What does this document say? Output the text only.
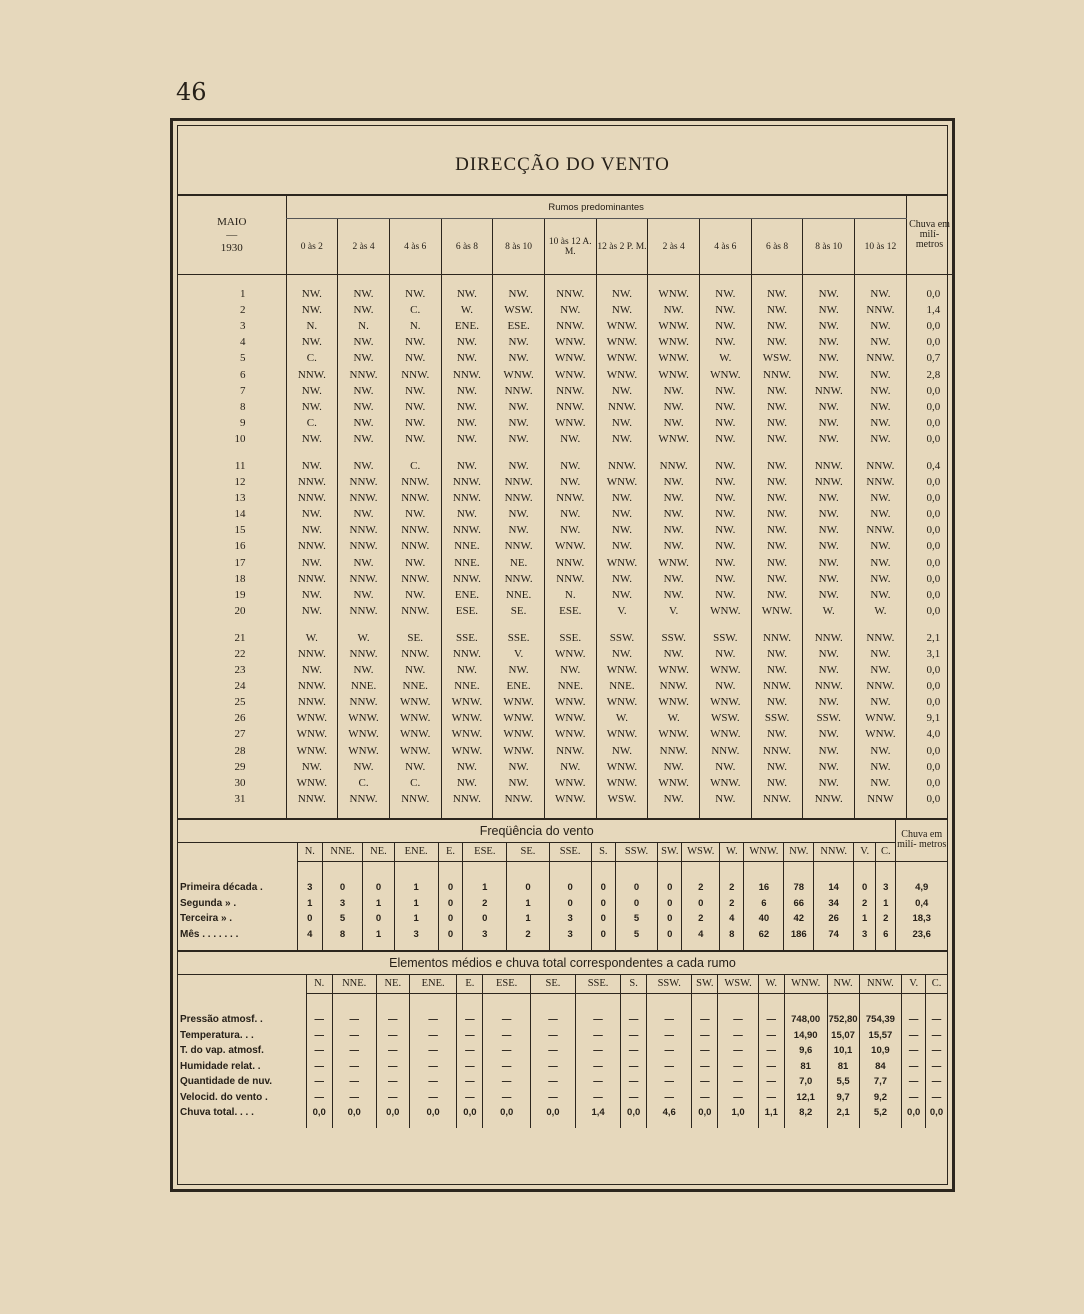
46
DIRECÇÃO DO VENTO
MAIO
—
1930	Rumos predominantes												Chuva em milí- metros
	0 às 2	2 às 4	4 às 6	6 às 8	8 às 10	10 às 12 A. M.	12 às 2 P. M.	2 às 4	4 às 6	6 às 8	8 às 10	10 às 12	

1	NW.	NW.	NW.	NW.	NW.	NNW.	NW.	WNW.	NW.	NW.	NW.	NW.	0,0
2	NW.	NW.	C.	W.	WSW.	NW.	NW.	NW.	NW.	NW.	NW.	NNW.	1,4
3	N.	N.	N.	ENE.	ESE.	NNW.	WNW.	WNW.	NW.	NW.	NW.	NW.	0,0
4	NW.	NW.	NW.	NW.	NW.	WNW.	WNW.	WNW.	NW.	NW.	NW.	NW.	0,0
5	C.	NW.	NW.	NW.	NW.	WNW.	WNW.	WNW.	W.	WSW.	NW.	NNW.	0,7
6	NNW.	NNW.	NNW.	NNW.	WNW.	WNW.	WNW.	WNW.	WNW.	NNW.	NW.	NW.	2,8
7	NW.	NW.	NW.	NW.	NNW.	NNW.	NW.	NW.	NW.	NW.	NNW.	NW.	0,0
8	NW.	NW.	NW.	NW.	NW.	NNW.	NNW.	NW.	NW.	NW.	NW.	NW.	0,0
9	C.	NW.	NW.	NW.	NW.	WNW.	NW.	NW.	NW.	NW.	NW.	NW.	0,0
10	NW.	NW.	NW.	NW.	NW.	NW.	NW.	WNW.	NW.	NW.	NW.	NW.	0,0

11	NW.	NW.	C.	NW.	NW.	NW.	NNW.	NNW.	NW.	NW.	NNW.	NNW.	0,4
12	NNW.	NNW.	NNW.	NNW.	NNW.	NW.	WNW.	NW.	NW.	NW.	NNW.	NNW.	0,0
13	NNW.	NNW.	NNW.	NNW.	NNW.	NNW.	NW.	NW.	NW.	NW.	NW.	NW.	0,0
14	NW.	NW.	NW.	NW.	NW.	NW.	NW.	NW.	NW.	NW.	NW.	NW.	0,0
15	NW.	NNW.	NNW.	NNW.	NW.	NW.	NW.	NW.	NW.	NW.	NW.	NNW.	0,0
16	NNW.	NNW.	NNW.	NNE.	NNW.	WNW.	NW.	NW.	NW.	NW.	NW.	NW.	0,0
17	NW.	NW.	NW.	NNE.	NE.	NNW.	WNW.	WNW.	NW.	NW.	NW.	NW.	0,0
18	NNW.	NNW.	NNW.	NNW.	NNW.	NNW.	NW.	NW.	NW.	NW.	NW.	NW.	0,0
19	NW.	NW.	NW.	ENE.	NNE.	N.	NW.	NW.	NW.	NW.	NW.	NW.	0,0
20	NW.	NNW.	NNW.	ESE.	SE.	ESE.	V.	V.	WNW.	WNW.	W.	W.	0,0

21	W.	W.	SE.	SSE.	SSE.	SSE.	SSW.	SSW.	SSW.	NNW.	NNW.	NNW.	2,1
22	NNW.	NNW.	NNW.	NNW.	V.	WNW.	NW.	NW.	NW.	NW.	NW.	NW.	3,1
23	NW.	NW.	NW.	NW.	NW.	NW.	WNW.	WNW.	WNW.	NW.	NW.	NW.	0,0
24	NNW.	NNE.	NNE.	NNE.	ENE.	NNE.	NNE.	NNW.	NW.	NNW.	NNW.	NNW.	0,0
25	NNW.	NNW.	WNW.	WNW.	WNW.	WNW.	WNW.	WNW.	WNW.	NW.	NW.	NW.	0,0
26	WNW.	WNW.	WNW.	WNW.	WNW.	WNW.	W.	W.	WSW.	SSW.	SSW.	WNW.	9,1
27	WNW.	WNW.	WNW.	WNW.	WNW.	WNW.	WNW.	WNW.	WNW.	NW.	NW.	WNW.	4,0
28	WNW.	WNW.	WNW.	WNW.	WNW.	NNW.	NW.	NNW.	NNW.	NNW.	NW.	NW.	0,0
29	NW.	NW.	NW.	NW.	NW.	NW.	WNW.	NW.	NW.	NW.	NW.	NW.	0,0
30	WNW.	C.	C.	NW.	NW.	WNW.	WNW.	WNW.	WNW.	NW.	NW.	NW.	0,0
31	NNW.	NNW.	NNW.	NNW.	NNW.	WNW.	WSW.	NW.	NW.	NNW.	NNW.	NNW	0,0

Freqüência do vento																			Chuva em milí- metros
	N.	NNE.	NE.	ENE.	E.	ESE.	SE.	SSE.	S.	SSW.	SW.	WSW.	W.	WNW.	NW.	NNW.	V.	C.	

Primeira década .	3	0	0	1	0	1	0	0	0	0	0	2	2	16	78	14	0	3	4,9
Segunda » .	1	3	1	1	0	2	1	0	0	0	0	0	2	6	66	34	2	1	0,4
Terceira » .	0	5	0	1	0	0	1	3	0	5	0	2	4	40	42	26	1	2	18,3
Mês . . . . . . .	4	8	1	3	0	3	2	3	0	5	0	4	8	62	186	74	3	6	23,6

Elementos médios e chuva total correspondentes a cada rumo
	N.	NNE.	NE.	ENE.	E.	ESE.	SE.	SSE.	S.	SSW.	SW.	WSW.	W.	WNW.	NW.	NNW.	V.	C.

Pressão atmosf. .	—	—	—	—	—	—	—	—	—	—	—	—	—	748,00	752,80	754,39	—	—
Temperatura. . .	—	—	—	—	—	—	—	—	—	—	—	—	—	14,90	15,07	15,57	—	—
T. do vap. atmosf.	—	—	—	—	—	—	—	—	—	—	—	—	—	9,6	10,1	10,9	—	—
Humidade relat. .	—	—	—	—	—	—	—	—	—	—	—	—	—	81	81	84	—	—
Quantidade de nuv.	—	—	—	—	—	—	—	—	—	—	—	—	—	7,0	5,5	7,7	—	—
Velocid. do vento .	—	—	—	—	—	—	—	—	—	—	—	—	—	12,1	9,7	9,2	—	—
Chuva total. . . .	0,0	0,0	0,0	0,0	0,0	0,0	0,0	1,4	0,0	4,6	0,0	1,0	1,1	8,2	2,1	5,2	0,0	0,0
